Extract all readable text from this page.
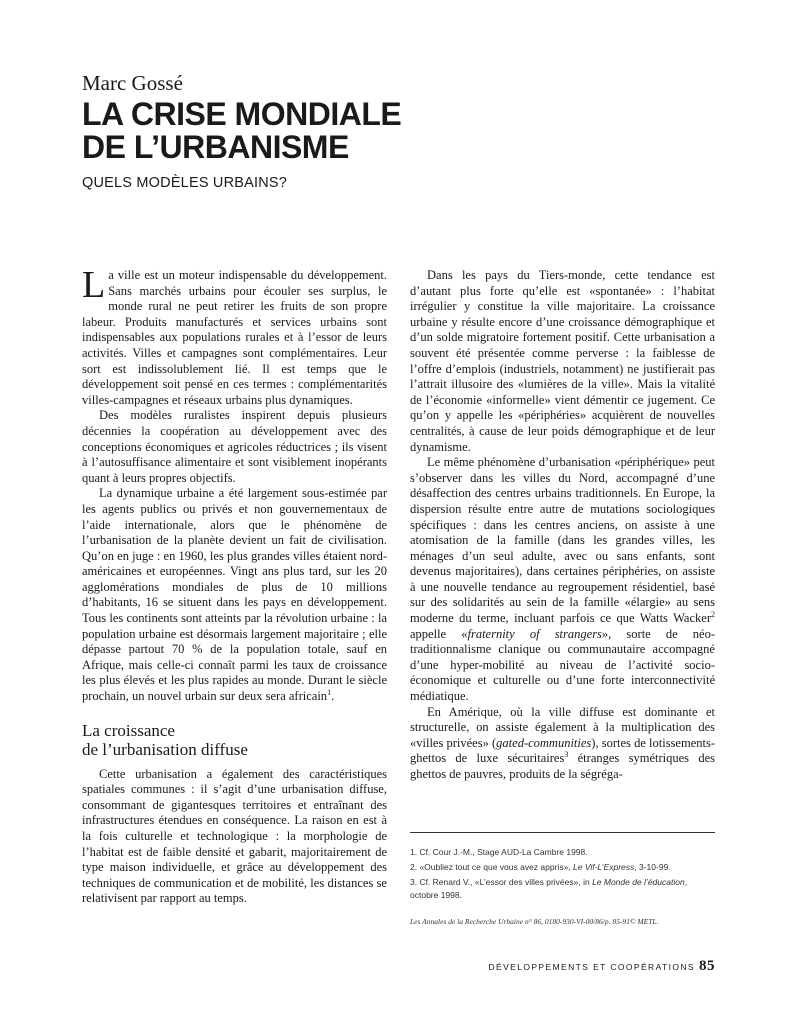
Marc Gossé
LA CRISE MONDIALE
DE L’URBANISME
QUELS MODÈLES URBAINS?

La ville est un moteur indispensable du développement. Sans marchés urbains pour écouler ses surplus, le monde rural ne peut retirer les fruits de son propre labeur. Produits manufacturés et services urbains sont indispensables aux populations rurales et à l’essor de leurs activités. Villes et campagnes sont complémentaires. Leur sort est indissolublement lié. Il est temps que le développement soit pensé en ces termes : complémentarités villes-campagnes et réseaux urbains plus dynamiques.

Des modèles ruralistes inspirent depuis plusieurs décennies la coopération au développement avec des conceptions économiques et agricoles réductrices ; ils visent à l’autosuffisance alimentaire et sont visiblement inopérants quant à leurs propres objectifs.

La dynamique urbaine a été largement sous-estimée par les agents publics ou privés et non gouvernementaux de l’aide internationale, alors que le phénomène de l’urbanisation de la planète devient un fait de civilisation. Qu’on en juge : en 1960, les plus grandes villes étaient nord-américaines et européennes. Vingt ans plus tard, sur les 20 agglomérations mondiales de plus de 10 millions d’habitants, 16 se situent dans les pays en développement. Tous les continents sont atteints par la révolution urbaine : la population urbaine est désormais largement majoritaire ; elle dépasse partout 70 % de la population totale, sauf en Afrique, mais celle-ci connaît parmi les taux de croissance les plus élevés et les plus rapides au monde. Durant le siècle prochain, un nouvel urbain sur deux sera africain$^1$.

La croissance
de l’urbanisation diffuse

Cette urbanisation a également des caractéristiques spatiales communes : il s’agit d’une urbanisation diffuse, consommant de gigantesques territoires et entraînant des infrastructures étendues en conséquence. La raison en est à la fois culturelle et technologique : la morphologie de l’habitat est de faible densité et gabarit, majoritairement de type maison individuelle, et grâce au développement des techniques de communication et de mobilité, les distances se relativisent par rapport au temps.

Dans les pays du Tiers-monde, cette tendance est d’autant plus forte qu’elle est «spontanée» : l’habitat irrégulier y constitue la ville majoritaire. La croissance urbaine y résulte encore d’une croissance démographique et d’un solde migratoire fortement positif. Cette urbanisation a souvent été présentée comme perverse : la faiblesse de l’offre d’emplois (industriels, notamment) ne justifierait pas l’attrait illusoire des «lumières de la ville». Mais la vitalité de l’économie «informelle» vient démentir ce jugement. Ce qu’on y appelle les «périphéries» acquièrent de nouvelles centralités, à cause de leur poids démographique et de leur dynamisme.

Le même phénomène d’urbanisation «périphérique» peut s’observer dans les villes du Nord, accompagné d’une désaffection des centres urbains traditionnels. En Europe, la dispersion résulte entre autre de mutations sociologiques spécifiques : dans les centres anciens, on assiste à une atomisation de la famille (dans les grandes villes, les ménages d’un seul adulte, avec ou sans enfants, sont devenus majoritaires), dans certaines périphéries, on assiste à une nouvelle tendance au regroupement résidentiel, basé sur des solidarités au sein de la famille «élargie» au sens moderne du terme, incluant parfois ce que Watts Wacker$^2$ appelle «fraternity of strangers», sorte de néo-traditionnalisme clanique ou communautaire accompagné d’une hyper-mobilité au niveau de l’activité socio-économique et culturelle ou d’une forte interconnectivité médiatique.

En Amérique, où la ville diffuse est dominante et structurelle, on assiste également à la multiplication des «villes privées» (gated-communities), sortes de lotissements-ghettos de luxe sécuritaires$^3$ étranges symétriques des ghettos de pauvres, produits de la ségréga-

1. Cf. Cour J.-M., Stage AUD-La Cambre 1998.
2. «Oubliez tout ce que vous avez appris», Le Vif-L’Express, 3-10-99.
3. Cf. Renard V., «L’essor des villes privées», in Le Monde de l’éducation, octobre 1998.
Les Annales de la Recherche Urbaine n° 86, 0180-930-VI-00/86/p. 85-91© METL.
DÉVELOPPEMENTS ET COOPÉRATIONS 85
